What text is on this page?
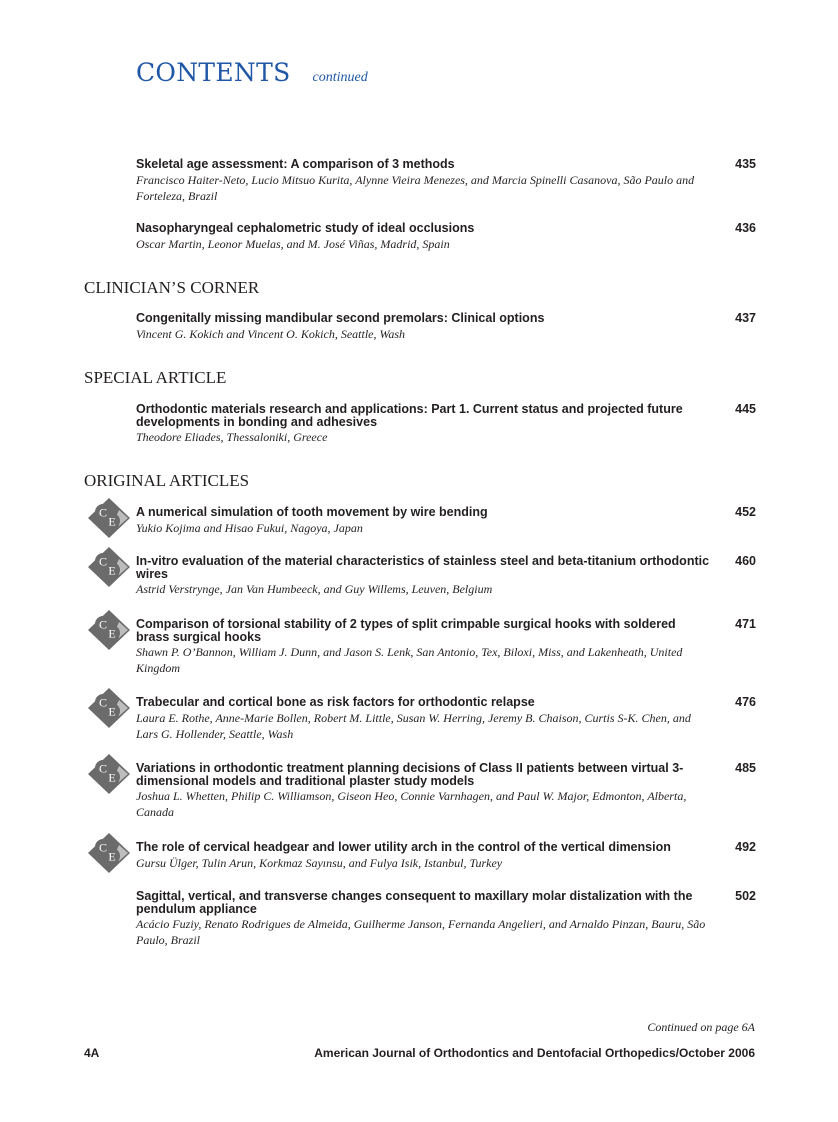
CONTENTS continued
Skeletal age assessment: A comparison of 3 methods
Francisco Haiter-Neto, Lucio Mitsuo Kurita, Alynne Vieira Menezes, and Marcia Spinelli Casanova, São Paulo and Forteleza, Brazil
435
Nasopharyngeal cephalometric study of ideal occlusions
Oscar Martin, Leonor Muelas, and M. José Viñas, Madrid, Spain
436
CLINICIAN’S CORNER
Congenitally missing mandibular second premolars: Clinical options
Vincent G. Kokich and Vincent O. Kokich, Seattle, Wash
437
SPECIAL ARTICLE
Orthodontic materials research and applications: Part 1. Current status and projected future developments in bonding and adhesives
Theodore Eliades, Thessaloniki, Greece
445
ORIGINAL ARTICLES
A numerical simulation of tooth movement by wire bending
Yukio Kojima and Hisao Fukui, Nagoya, Japan
452
In-vitro evaluation of the material characteristics of stainless steel and beta-titanium orthodontic wires
Astrid Verstrynge, Jan Van Humbeeck, and Guy Willems, Leuven, Belgium
460
Comparison of torsional stability of 2 types of split crimpable surgical hooks with soldered brass surgical hooks
Shawn P. O’Bannon, William J. Dunn, and Jason S. Lenk, San Antonio, Tex, Biloxi, Miss, and Lakenheath, United Kingdom
471
Trabecular and cortical bone as risk factors for orthodontic relapse
Laura E. Rothe, Anne-Marie Bollen, Robert M. Little, Susan W. Herring, Jeremy B. Chaison, Curtis S-K. Chen, and Lars G. Hollender, Seattle, Wash
476
Variations in orthodontic treatment planning decisions of Class II patients between virtual 3-dimensional models and traditional plaster study models
Joshua L. Whetten, Philip C. Williamson, Giseon Heo, Connie Varnhagen, and Paul W. Major, Edmonton, Alberta, Canada
485
The role of cervical headgear and lower utility arch in the control of the vertical dimension
Gursu Ülger, Tulin Arun, Korkmaz Sayınsu, and Fulya Isik, Istanbul, Turkey
492
Sagittal, vertical, and transverse changes consequent to maxillary molar distalization with the pendulum appliance
Acácio Fuziy, Renato Rodrigues de Almeida, Guilherme Janson, Fernanda Angelieri, and Arnaldo Pinzan, Bauru, São Paulo, Brazil
502
Continued on page 6A
4A	American Journal of Orthodontics and Dentofacial Orthopedics/October 2006
